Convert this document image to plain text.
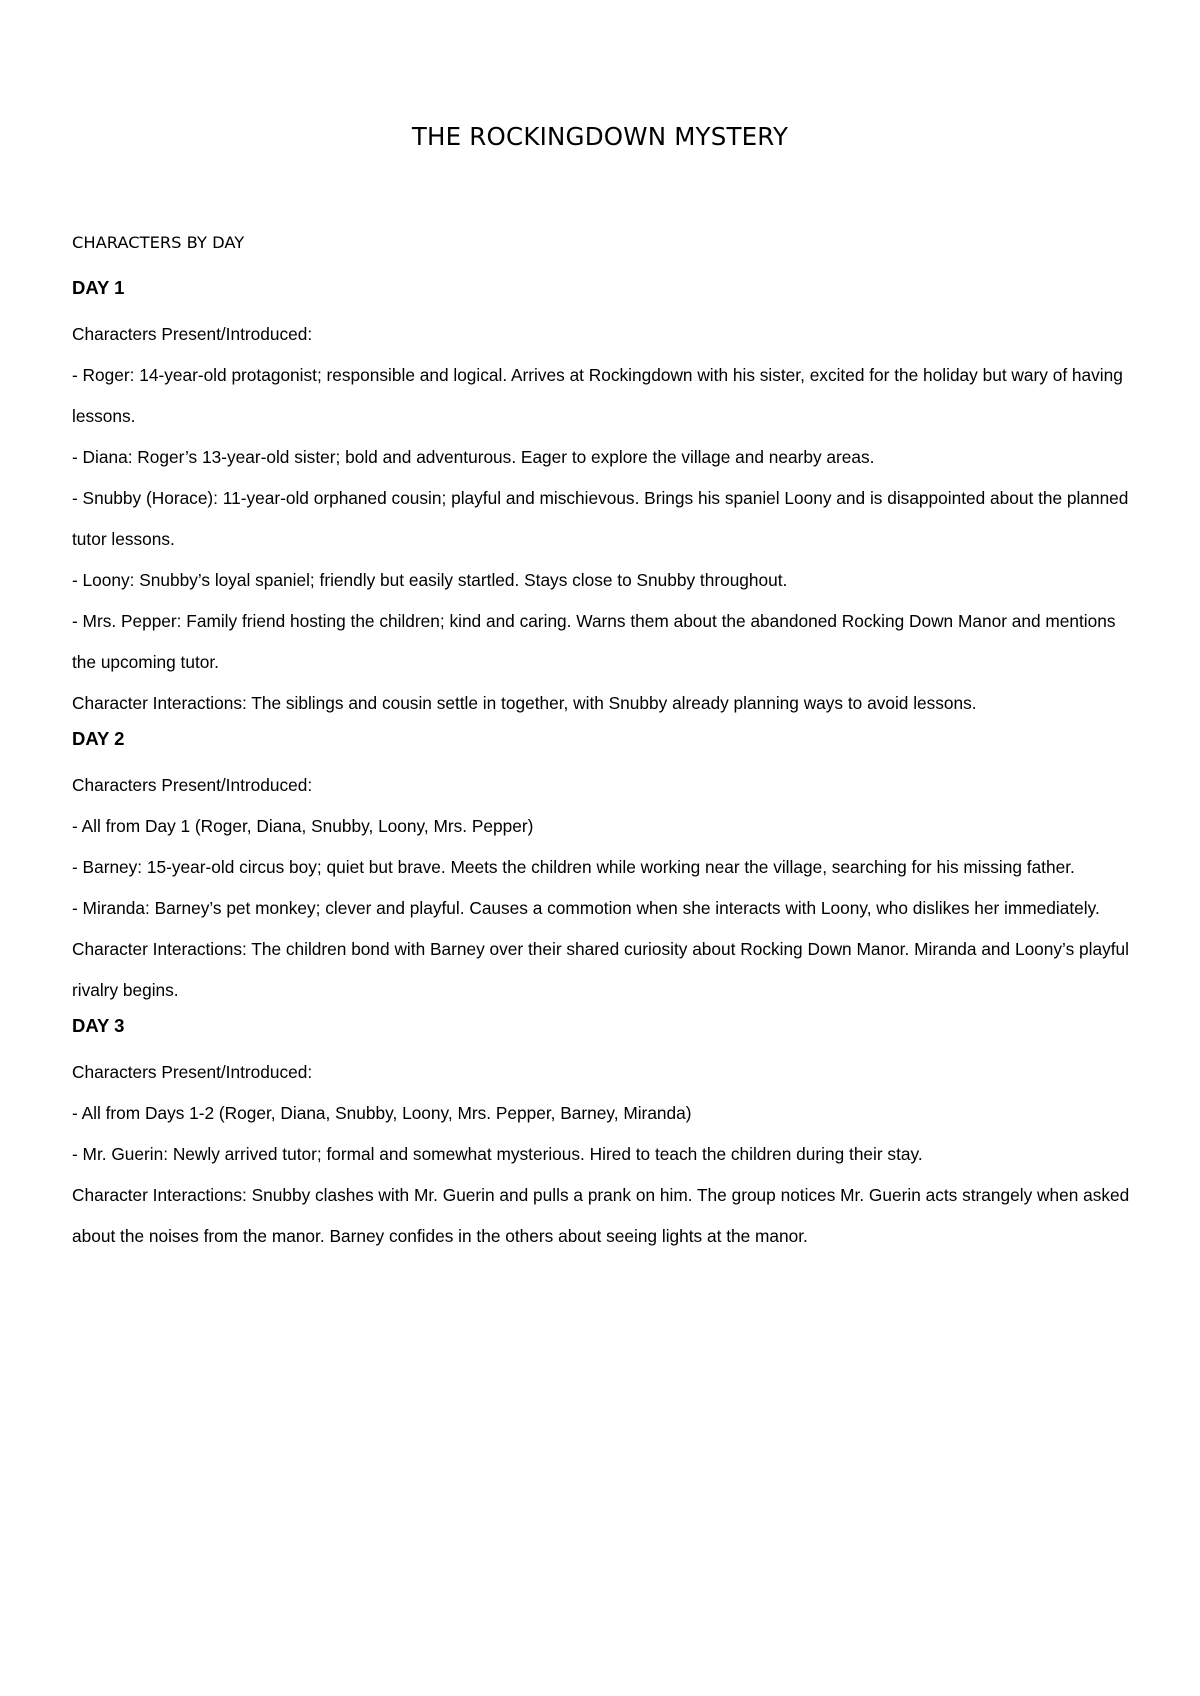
THE ROCKINGDOWN MYSTERY
CHARACTERS BY DAY
DAY 1

Characters Present/Introduced:

- Roger: 14-year-old protagonist; responsible and logical. Arrives at Rockingdown with his sister, excited for the holiday but wary of having lessons.

- Diana: Roger’s 13-year-old sister; bold and adventurous. Eager to explore the village and nearby areas.

- Snubby (Horace): 11-year-old orphaned cousin; playful and mischievous. Brings his spaniel Loony and is disappointed about the planned tutor lessons.

- Loony: Snubby’s loyal spaniel; friendly but easily startled. Stays close to Snubby throughout.

- Mrs. Pepper: Family friend hosting the children; kind and caring. Warns them about the abandoned Rocking Down Manor and mentions the upcoming tutor.

Character Interactions: The siblings and cousin settle in together, with Snubby already planning ways to avoid lessons.

DAY 2

Characters Present/Introduced:

- All from Day 1 (Roger, Diana, Snubby, Loony, Mrs. Pepper)

- Barney: 15-year-old circus boy; quiet but brave. Meets the children while working near the village, searching for his missing father.

- Miranda: Barney’s pet monkey; clever and playful. Causes a commotion when she interacts with Loony, who dislikes her immediately.

Character Interactions: The children bond with Barney over their shared curiosity about Rocking Down Manor. Miranda and Loony’s playful rivalry begins.

DAY 3

Characters Present/Introduced:

- All from Days 1-2 (Roger, Diana, Snubby, Loony, Mrs. Pepper, Barney, Miranda)

- Mr. Guerin: Newly arrived tutor; formal and somewhat mysterious. Hired to teach the children during their stay.

Character Interactions: Snubby clashes with Mr. Guerin and pulls a prank on him. The group notices Mr. Guerin acts strangely when asked about the noises from the manor. Barney confides in the others about seeing lights at the manor.
